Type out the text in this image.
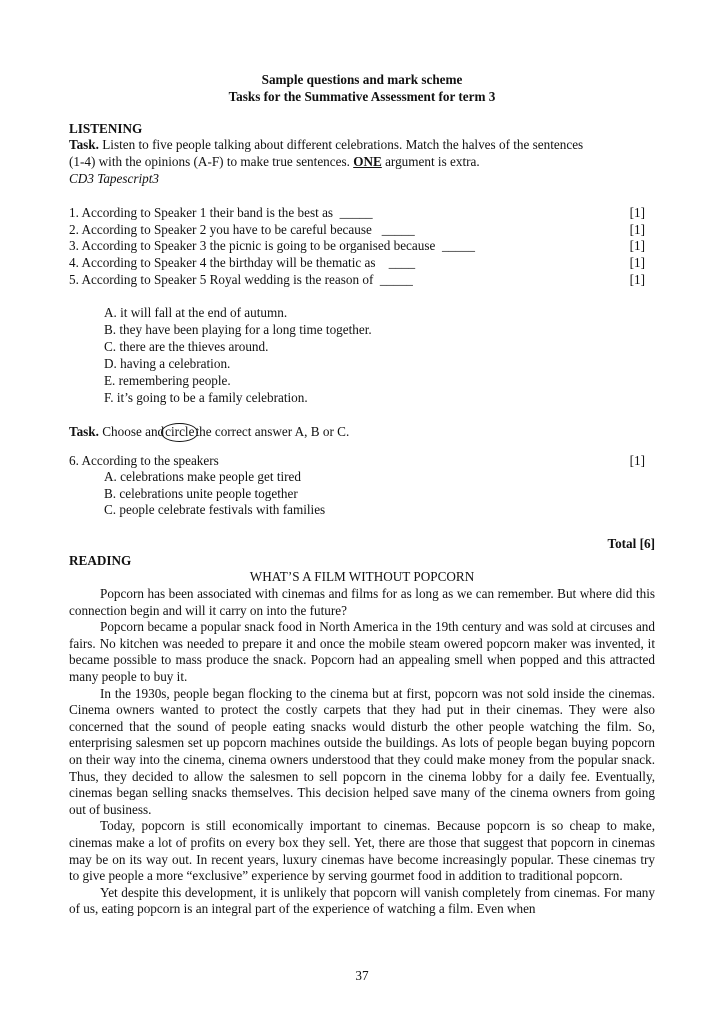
Sample questions and mark scheme
Tasks for the Summative Assessment for term 3
LISTENING
Task. Listen to five people talking about different celebrations. Match the halves of the sentences
(1-4) with the opinions (A-F) to make true sentences. ONE argument is extra.
CD3 Tapescript3
1. According to Speaker 1 their band is the best as  _____	[1]
2. According to Speaker 2 you have to be careful because   _____	[1]
3. According to Speaker 3 the picnic is going to be organised because  _____	[1]
4. According to Speaker 4 the birthday will be thematic as    ____	[1]
5. According to Speaker 5 Royal wedding is the reason of  _____	[1]
A. it will fall at the end of autumn.
B. they have been playing for a long time together.
C. there are the thieves around.
D. having a celebration.
E. remembering people.
F. it’s going to be a family celebration.
Task. Choose andcirclethe correct answer A, B or C.
6. According to the speakers	[1]
A. celebrations make people get tired
B. celebrations unite people together
C. people celebrate festivals with families
Total [6]
READING
WHAT’S A FILM WITHOUT POPCORN

Popcorn has been associated with cinemas and films for as long as we can remember. But where did this connection begin and will it carry on into the future?

Popcorn became a popular snack food in North America in the 19th century and was sold at circuses and fairs. No kitchen was needed to prepare it and once the mobile steam owered popcorn maker was invented, it became possible to mass produce the snack. Popcorn had an appealing smell when popped and this attracted many people to buy it.

In the 1930s, people began flocking to the cinema but at first, popcorn was not sold inside the cinemas. Cinema owners wanted to protect the costly carpets that they had put in their cinemas. They were also concerned that the sound of people eating snacks would disturb the other people watching the film. So, enterprising salesmen set up popcorn machines outside the buildings. As lots of people began buying popcorn on their way into the cinema, cinema owners understood that they could make money from the popular snack. Thus, they decided to allow the salesmen to sell popcorn in the cinema lobby for a daily fee. Eventually, cinemas began selling snacks themselves. This decision helped save many of the cinema owners from going out of business.

Today, popcorn is still economically important to cinemas. Because popcorn is so cheap to make, cinemas make a lot of profits on every box they sell. Yet, there are those that suggest that popcorn in cinemas may be on its way out. In recent years, luxury cinemas have become increasingly popular. These cinemas try to give people a more “exclusive” experience by serving gourmet food in addition to traditional popcorn.

Yet despite this development, it is unlikely that popcorn will vanish completely from cinemas. For many of us, eating popcorn is an integral part of the experience of watching a film. Even when

37
